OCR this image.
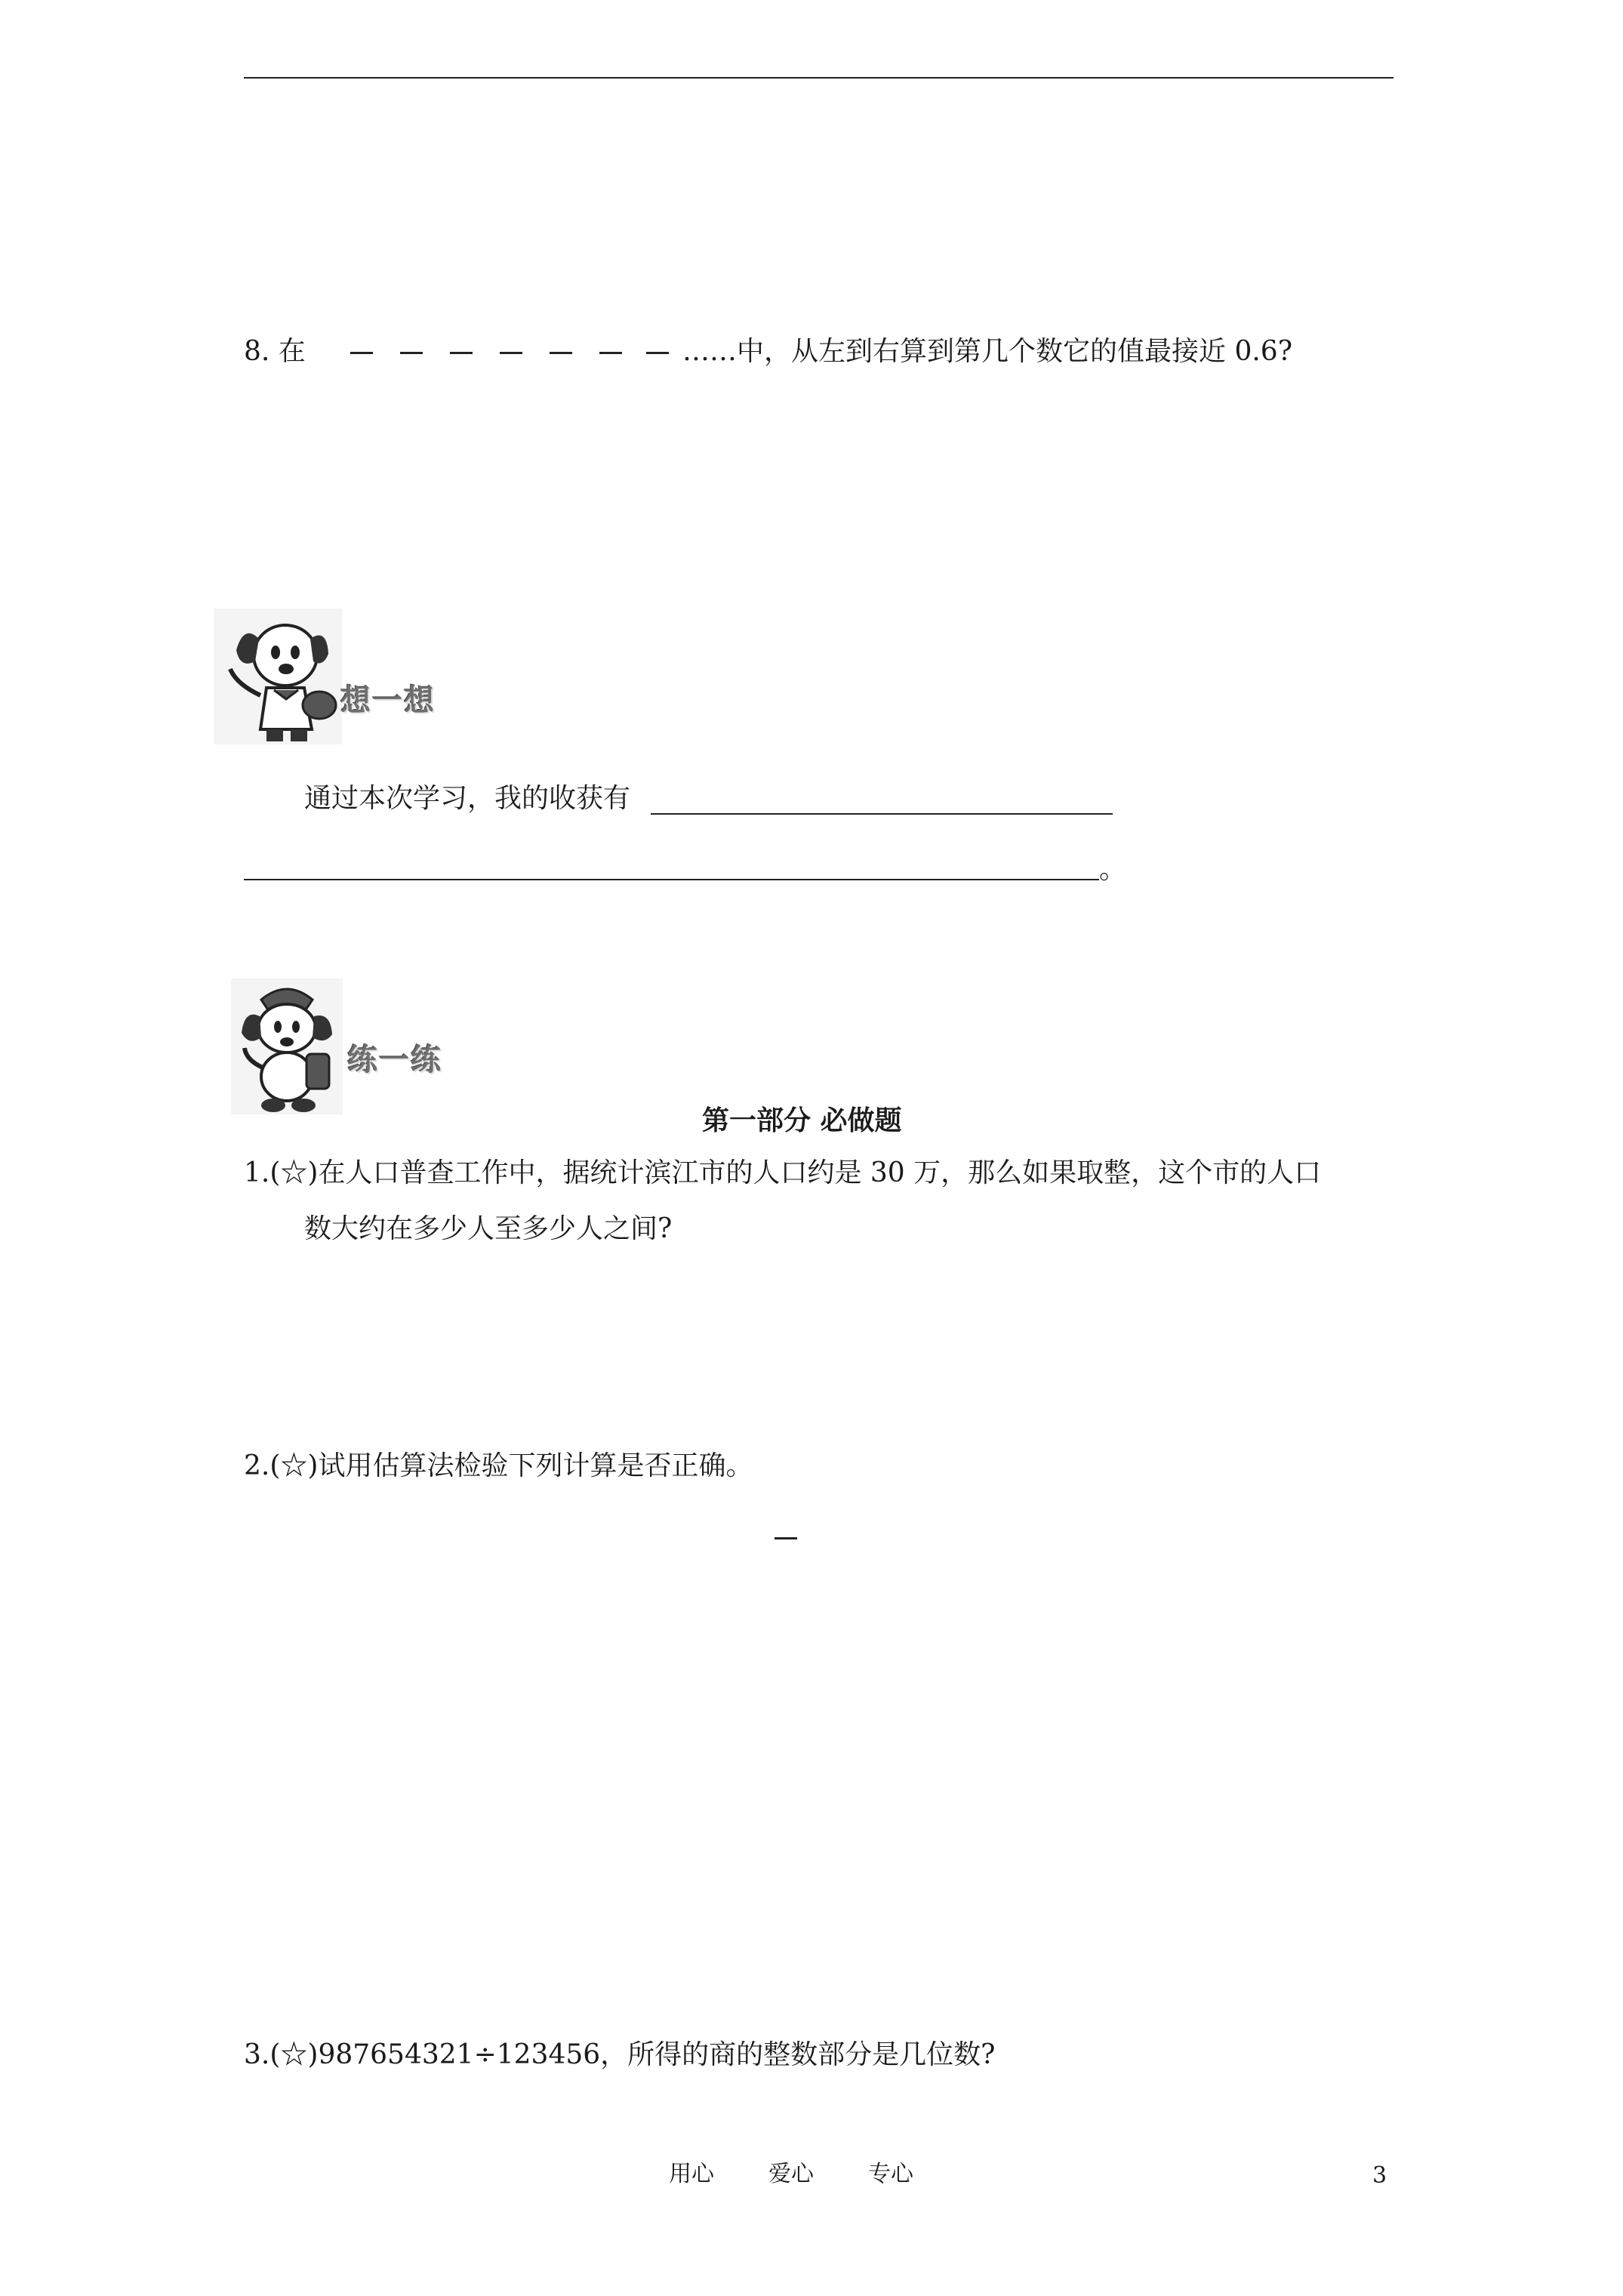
8. 在	……中，从左到右算到第几个数它的值最接近 0.6?
想一想
通过本次学习，我的收获有
。
练一练
第一部分 必做题
1.(☆)在人口普查工作中，据统计滨江市的人口约是 30 万，那么如果取整，这个市的人口
数大约在多少人至多少人之间?
2.(☆)试用估算法检验下列计算是否正确。
3.(☆)987654321÷123456，所得的商的整数部分是几位数?
用心 爱心 专心	3
